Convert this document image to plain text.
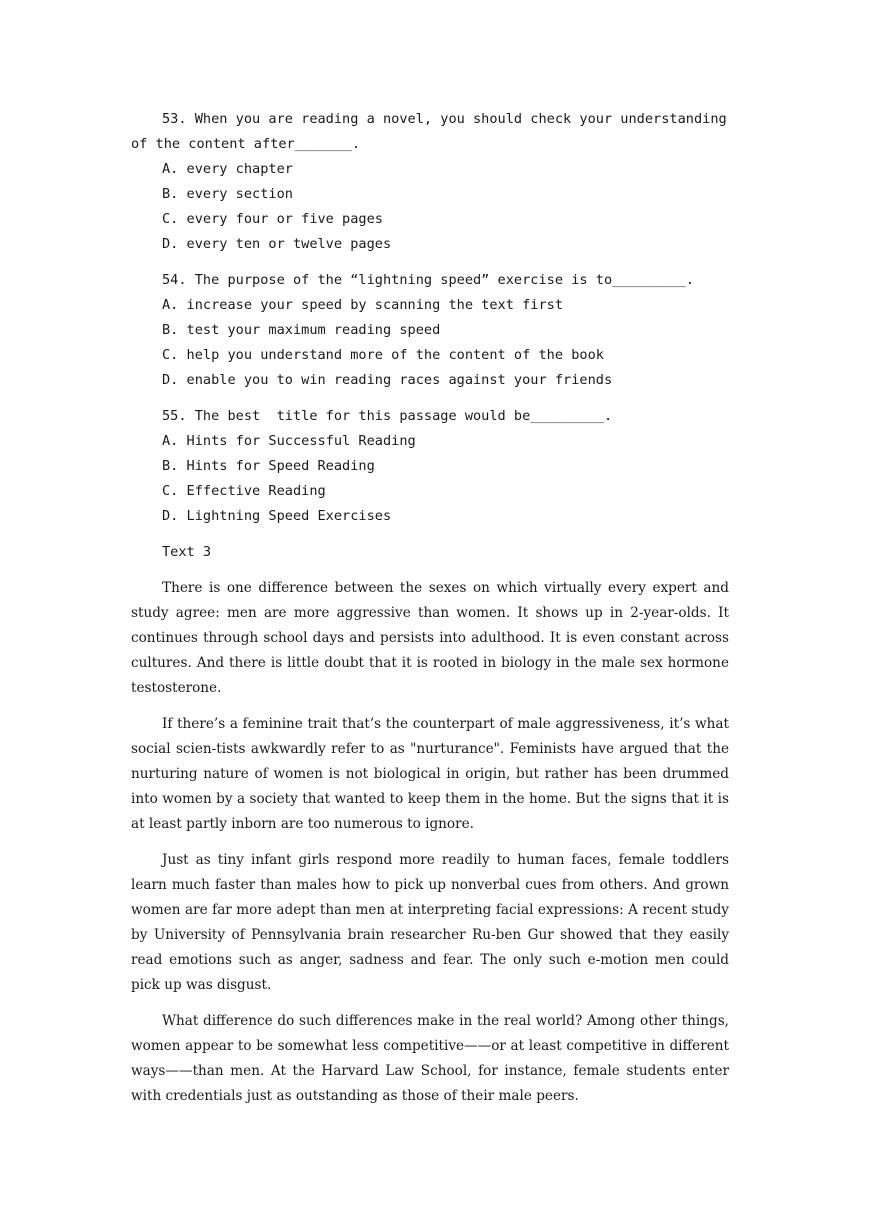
53. When you are reading a novel, you should check your understanding of the content after_______.

A. every chapter
B. every section
C. every four or five pages
D. every ten or twelve pages

54. The purpose of the “lightning speed” exercise is to_________.

A. increase your speed by scanning the text first
B. test your maximum reading speed
C. help you understand more of the content of the book
D. enable you to win reading races against your friends

55. The best  title for this passage would be_________.

A. Hints for Successful Reading
B. Hints for Speed Reading
C. Effective Reading
D. Lightning Speed Exercises

Text 3

There is one difference between the sexes on which virtually every expert and study agree: men are more aggressive than women. It shows up in 2-year-olds. It continues through school days and persists into adulthood. It is even constant across cultures. And there is little doubt that it is rooted in biology in the male sex hormone testosterone.

If there’s a feminine trait that’s the counterpart of male aggressiveness, it’s what social scien-tists awkwardly refer to as "nurturance". Feminists have argued that the nurturing nature of women is not biological in origin, but rather has been drummed into women by a society that wanted to keep them in the home. But the signs that it is at least partly inborn are too numerous to ignore.

Just as tiny infant girls respond more readily to human faces, female toddlers learn much faster than males how to pick up nonverbal cues from others. And grown women are far more adept than men at interpreting facial expressions: A recent study by University of Pennsylvania brain researcher Ru-ben Gur showed that they easily read emotions such as anger, sadness and fear. The only such e-motion men could pick up was disgust.

What difference do such differences make in the real world? Among other things, women appear to be somewhat less competitive——or at least competitive in different ways——than men. At the Harvard Law School, for instance, female students enter with credentials just as outstanding as those of their male peers.
